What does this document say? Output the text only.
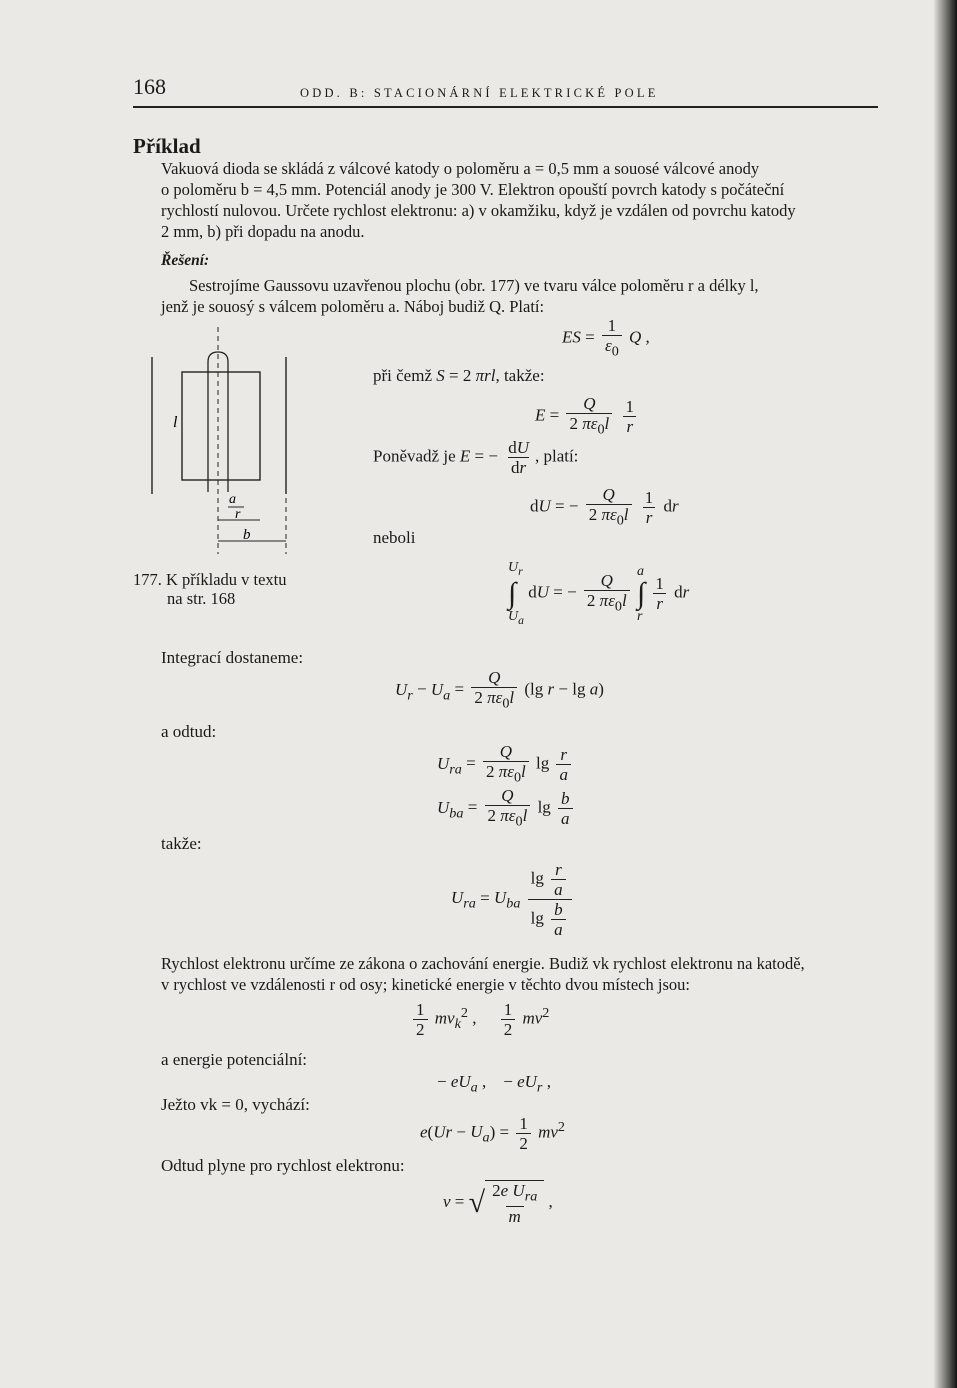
168	ODD. B: STACIONÁRNÍ ELEKTRICKÉ POLE
Příklad
Vakuová dioda se skládá z válcové katody o poloměru a = 0,5 mm a souosé válcové anody
o poloměru b = 4,5 mm. Potenciál anody je 300 V. Elektron opouští povrch katody s počáteční
rychlostí nulovou. Určete rychlost elektronu: a) v okamžiku, když je vzdálen od povrchu katody
2 mm, b) při dopadu na anodu.
Řešení:
Sestrojíme Gaussovu uzavřenou plochu (obr. 177) ve tvaru válce poloměru r a délky l,
jenž je souosý s válcem poloměru a. Náboj budiž Q. Platí:
l
a
r
b
177. K příkladu v textu
na str. 168
ES = $\frac{1}{\varepsilon_0}$ Q ,
při čemž S = 2 πrl, takže:
$E = \frac{Q}{2 \pi\varepsilon_0l}$
$\frac{1}{r}$
Poněvadž je E = − $\frac{dU}{dr}$ , platí:
dU = − $\frac{Q}{2 \pi\varepsilon_0l}$
$\frac{1}{r}$ dr
neboli
$U_r$
∫
$U_a$
dU = − $\frac{Q}{2 \pi\varepsilon_0l}$
a
∫
r

$\frac{1}{r}$ dr
Integrací dostaneme:
$U_r - U_a = \frac{Q}{2 \pi\varepsilon_0l} (\lg$ r − lg a)
a odtud:
$U_{ra} = \frac{Q}{2 \pi\varepsilon_0l}$ $\lg \frac{r}{a}$
$U_{ba} = \frac{Q}{2 \pi\varepsilon_0l}$ $\lg \frac{b}{a}$
takže:
$U_{ra} = U_{ba} \frac{\lg \frac{r}{a}}{\lg \frac{b}{a}}$
Rychlost elektronu určíme ze zákona o zachování energie. Budiž vk rychlost elektronu na katodě,
v rychlost ve vzdálenosti r od osy; kinetické energie v těchto dvou místech jsou:
$\frac{1}{2} mv_k^2$ , $\frac{1}{2} mv^2$
a energie potenciální:
− $eU_a$ ,    − $eU_r$ ,
Ježto vk = 0, vychází:
$e(Ur - U_a) = \frac{1}{2} mv^2$
Odtud plyne pro rychlost elektronu:
v = √ $\frac{2e U_{ra}}{m}$ ,
